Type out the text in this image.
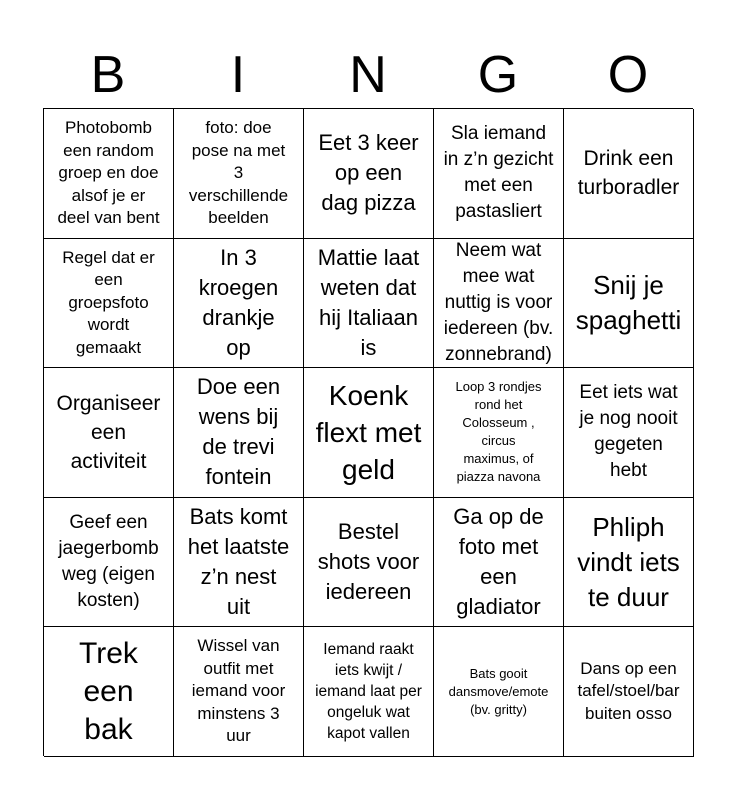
B	I	N	G	O
Photobomb
een random
groep en doe
alsof je er
deel van bent
foto: doe
pose na met
3
verschillende
beelden
Eet 3 keer
op een
dag pizza
Sla iemand
in z’n gezicht
met een
pastasliert
Drink een
turboradler
Regel dat er
een
groepsfoto
wordt
gemaakt
In 3
kroegen
drankje
op
Mattie laat
weten dat
hij Italiaan
is
Neem wat
mee wat
nuttig is voor
iedereen (bv.
zonnebrand)
Snij je
spaghetti
Organiseer
een
activiteit
Doe een
wens bij
de trevi
fontein
Koenk
flext met
geld
Loop 3 rondjes
rond het
Colosseum ,
circus
maximus, of
piazza navona
Eet iets wat
je nog nooit
gegeten
hebt
Geef een
jaegerbomb
weg (eigen
kosten)
Bats komt
het laatste
z’n nest
uit
Bestel
shots voor
iedereen
Ga op de
foto met
een
gladiator
Phliph
vindt iets
te duur
Trek
een
bak
Wissel van
outfit met
iemand voor
minstens 3
uur
Iemand raakt
iets kwijt /
iemand laat per
ongeluk wat
kapot vallen
Bats gooit
dansmove/emote
(bv. gritty)
Dans op een
tafel/stoel/bar
buiten osso
